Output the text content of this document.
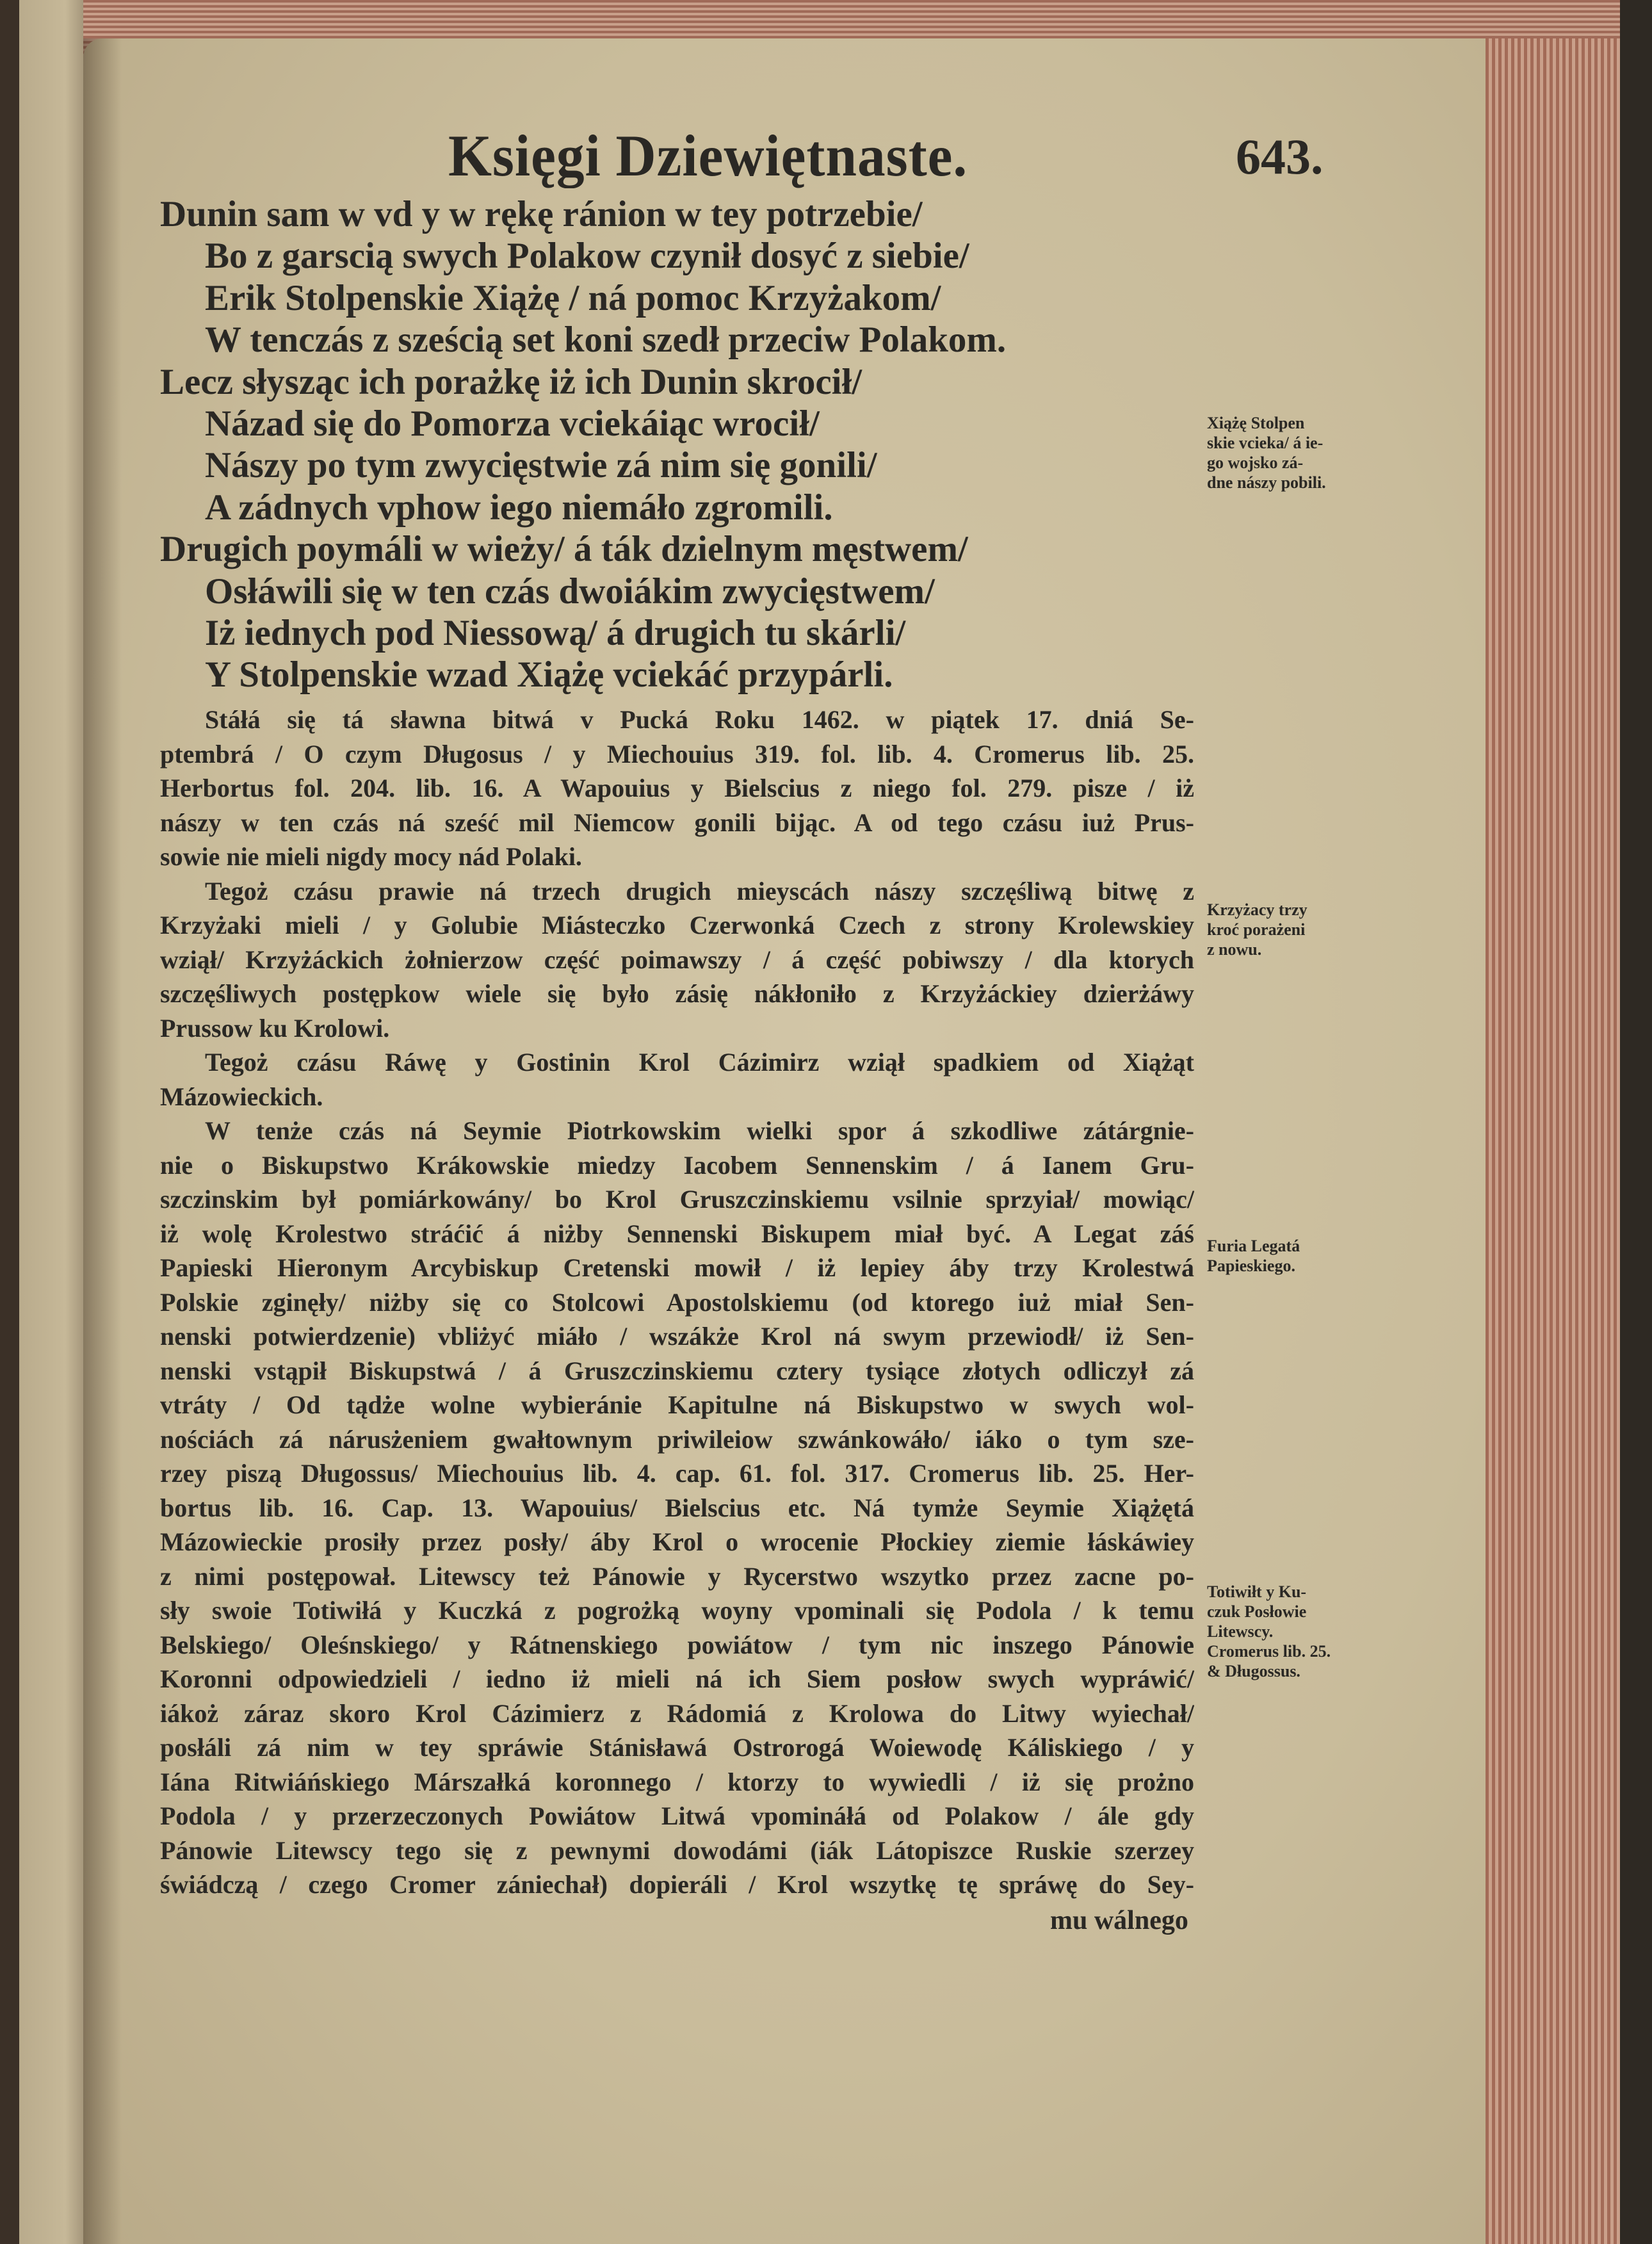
Księgi Dziewiętnaste.	643.
Dunin sam w vd y w rękę ránion w tey potrzebie/
Bo z garscią swych Polakow czynił dosyć z siebie/
Erik Stolpenskie Xiążę / ná pomoc Krzyżakom/
W tenczás z sześcią set koni szedł przeciw Polakom.
Lecz słysząc ich porażkę iż ich Dunin skrocił/
Názad się do Pomorza vciekáiąc wrocił/
Nászy po tym zwycięstwie zá nim się gonili/
A zádnych vphow iego niemáło zgromili.
Drugich poymáli w wieży/ á ták dzielnym męstwem/
Osłáwili się w ten czás dwoiákim zwycięstwem/
Iż iednych pod Niessową/ á drugich tu skárli/
Y Stolpenskie wzad Xiążę vciekáć przypárli.
Stáłá się tá sławna bitwá v Pucká Roku 1462. w piątek 17. dniá Se-
ptembrá / O czym Długosus / y Miechouius 319. fol. lib. 4. Cromerus lib. 25.
Herbortus fol. 204. lib. 16. A Wapouius y Bielscius z niego fol. 279. pisze / iż
nászy w ten czás ná sześć mil Niemcow gonili bijąc. A od tego czásu iuż Prus-
sowie nie mieli nigdy mocy nád Polaki.
Tegoż czásu prawie ná trzech drugich mieyscách nászy szczęśliwą bitwę z
Krzyżaki mieli / y Golubie Miásteczko Czerwonká Czech z strony Krolewskiey
wziął/ Krzyżáckich żołnierzow część poimawszy / á część pobiwszy / dla ktorych
szczęśliwych postępkow wiele się było zásię nákłoniło z Krzyżáckiey dzierżáwy
Prussow ku Krolowi.
Tegoż czásu Ráwę y Gostinin Krol Cázimirz wziął spadkiem od Xiążąt
Mázowieckich.
W tenże czás ná Seymie Piotrkowskim wielki spor á szkodliwe zátárgnie-
nie o Biskupstwo Krákowskie miedzy Iacobem Sennenskim / á Ianem Gru-
szczinskim był pomiárkowány/ bo Krol Gruszczinskiemu vsilnie sprzyiał/ mowiąc/
iż wolę Krolestwo stráćić á niżby Sennenski Biskupem miał być. A Legat záś
Papieski Hieronym Arcybiskup Cretenski mowił / iż lepiey áby trzy Krolestwá
Polskie zginęły/ niżby się co Stolcowi Apostolskiemu (od ktorego iuż miał Sen-
nenski potwierdzenie) vbliżyć miáło / wszákże Krol ná swym przewiodł/ iż Sen-
nenski vstąpił Biskupstwá / á Gruszczinskiemu cztery tysiące złotych odliczył zá
vtráty / Od tądże wolne wybieránie Kapitulne ná Biskupstwo w swych wol-
nościách zá nárusżeniem gwałtownym priwileiow szwánkowáło/ iáko o tym sze-
rzey piszą Długossus/ Miechouius lib. 4. cap. 61. fol. 317. Cromerus lib. 25. Her-
bortus lib. 16. Cap. 13. Wapouius/ Bielscius etc. Ná tymże Seymie Xiążętá
Mázowieckie prosiły przez posły/ áby Krol o wrocenie Płockiey ziemie łáskáwiey
z nimi postępował. Litewscy też Pánowie y Rycerstwo wszytko przez zacne po-
sły swoie Totiwiłá y Kuczká z pogrożką woyny vpominali się Podola / k temu
Belskiego/ Oleśnskiego/ y Rátnenskiego powiátow / tym nic inszego Pánowie
Koronni odpowiedzieli / iedno iż mieli ná ich Siem posłow swych wypráwić/
iákoż záraz skoro Krol Cázimierz z Rádomiá z Krolowa do Litwy wyiechał/
posłáli zá nim w tey spráwie Stánisławá Ostrorogá Woiewodę Káliskiego / y
Iána Ritwiáńskiego Márszałká koronnego / ktorzy to wywiedli / iż się prożno
Podola / y przerzeczonych Powiátow Litwá vpomináłá od Polakow / ále gdy
Pánowie Litewscy tego się z pewnymi dowodámi (iák Látopiszce Ruskie szerzey
świádczą / czego Cromer zániechał) dopieráli / Krol wszytkę tę spráwę do Sey-
mu wálnego
Xiążę Stolpen
skie vcieka/ á ie-
go wojsko zá-
dne nászy pobili.
Krzyżacy trzy
kroć porażeni
z nowu.
Furia Legatá
Papieskiego.
Totiwiłt y Ku-
czuk Posłowie
Litewscy.
Cromerus lib. 25.
& Długossus.
